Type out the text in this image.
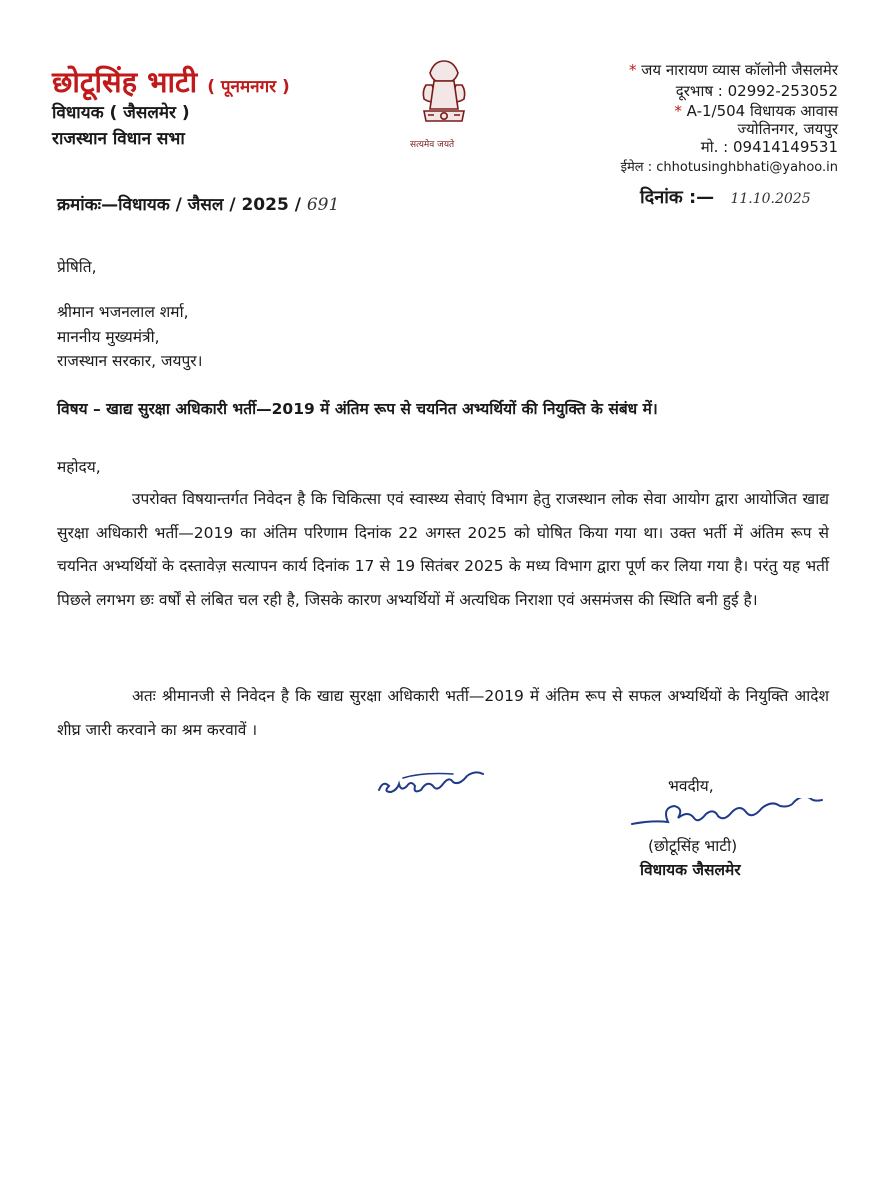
छोटूसिंह भाटी ( पूनमनगर )
विधायक ( जैसलमेर )
राजस्थान विधान सभा	सत्यमेव जयते
* जय नारायण व्यास कॉलोनी जैसलमेर
दूरभाष : 02992-253052
* A-1/504 विधायक आवास
ज्योतिनगर, जयपुर
मो. : 09414149531
ईमेल : chhotusinghbhati@yahoo.in
क्रमांकः—विधायक / जैसल / 2025 / 691	दिनांक :— 11.10.2025
प्रेषिति,
श्रीमान भजनलाल शर्मा,
माननीय मुख्यमंत्री,
राजस्थान सरकार, जयपुर।
विषय – खाद्य सुरक्षा अधिकारी भर्ती—2019 में अंतिम रूप से चयनित अभ्यर्थियों की नियुक्ति के संबंध में।
महोदय,
उपरोक्त विषयान्तर्गत निवेदन है कि चिकित्सा एवं स्वास्थ्य सेवाएं विभाग हेतु राजस्थान लोक सेवा आयोग द्वारा आयोजित खाद्य सुरक्षा अधिकारी भर्ती—2019 का अंतिम परिणाम दिनांक 22 अगस्त 2025 को घोषित किया गया था। उक्त भर्ती में अंतिम रूप से चयनित अभ्यर्थियों के दस्तावेज़ सत्यापन कार्य दिनांक 17 से 19 सितंबर 2025 के मध्य विभाग द्वारा पूर्ण कर लिया गया है। परंतु यह भर्ती पिछले लगभग छः वर्षों से लंबित चल रही है, जिसके कारण अभ्यर्थियों में अत्यधिक निराशा एवं असमंजस की स्थिति बनी हुई है।
अतः श्रीमानजी से निवेदन है कि खाद्य सुरक्षा अधिकारी भर्ती—2019 में अंतिम रूप से सफल अभ्यर्थियों के नियुक्ति आदेश शीघ्र जारी करवाने का श्रम करवावें ।
भवदीय,
(छोटूसिंह भाटी)
विधायक जैसलमेर
